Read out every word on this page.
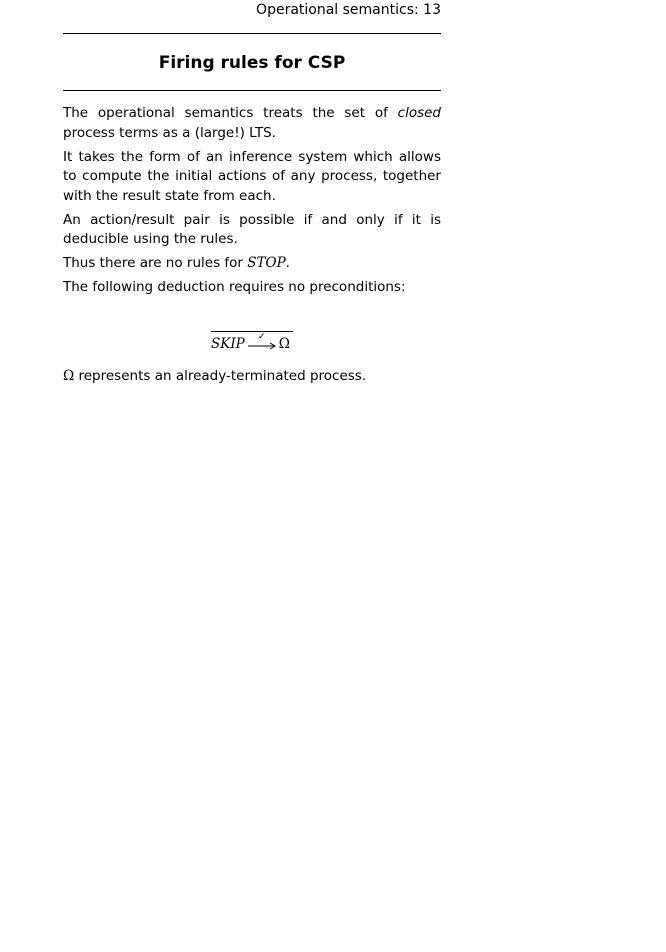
Operational semantics: 13
Firing rules for CSP

The operational semantics treats the set of closed process terms as a (large!) LTS.

It takes the form of an inference system which allows to compute the initial actions of any process, together with the result state from each.

An action/result pair is possible if and only if it is deducible using the rules.

Thus there are no rules for STOP.

The following deduction requires no preconditions:

SKIP	✓ Ω
Ω represents an already-terminated process.
